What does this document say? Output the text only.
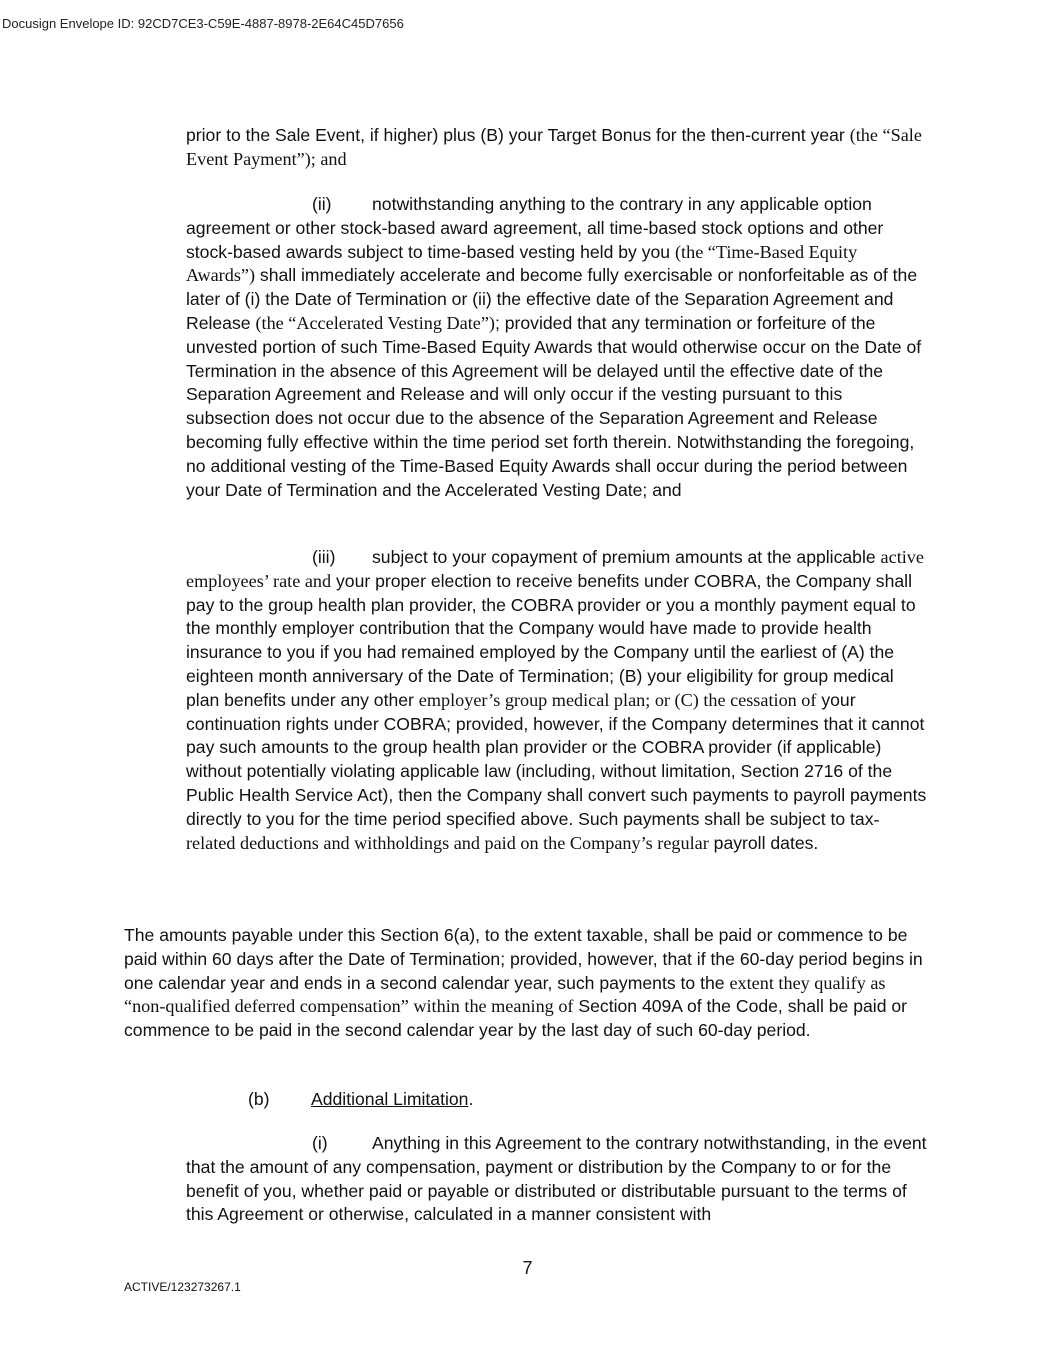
Docusign Envelope ID: 92CD7CE3-C59E-4887-8978-2E64C45D7656

prior to the Sale Event, if higher) plus (B) your Target Bonus for the then-current year (the “Sale Event Payment”); and

(ii) notwithstanding anything to the contrary in any applicable option agreement or other stock-based award agreement, all time-based stock options and other stock-based awards subject to time-based vesting held by you (the “Time-Based Equity Awards”) shall immediately accelerate and become fully exercisable or nonforfeitable as of the later of (i) the Date of Termination or (ii) the effective date of the Separation Agreement and Release (the “Accelerated Vesting Date”); provided that any termination or forfeiture of the unvested portion of such Time-Based Equity Awards that would otherwise occur on the Date of Termination in the absence of this Agreement will be delayed until the effective date of the Separation Agreement and Release and will only occur if the vesting pursuant to this subsection does not occur due to the absence of the Separation Agreement and Release becoming fully effective within the time period set forth therein. Notwithstanding the foregoing, no additional vesting of the Time-Based Equity Awards shall occur during the period between your Date of Termination and the Accelerated Vesting Date; and

(iii) subject to your copayment of premium amounts at the applicable active employees’ rate and your proper election to receive benefits under COBRA, the Company shall pay to the group health plan provider, the COBRA provider or you a monthly payment equal to the monthly employer contribution that the Company would have made to provide health insurance to you if you had remained employed by the Company until the earliest of (A) the eighteen month anniversary of the Date of Termination; (B) your eligibility for group medical plan benefits under any other employer’s group medical plan; or (C) the cessation of your continuation rights under COBRA; provided, however, if the Company determines that it cannot pay such amounts to the group health plan provider or the COBRA provider (if applicable) without potentially violating applicable law (including, without limitation, Section 2716 of the Public Health Service Act), then the Company shall convert such payments to payroll payments directly to you for the time period specified above. Such payments shall be subject to tax-related deductions and withholdings and paid on the Company’s regular payroll dates.

The amounts payable under this Section 6(a), to the extent taxable, shall be paid or commence to be paid within 60 days after the Date of Termination; provided, however, that if the 60-day period begins in one calendar year and ends in a second calendar year, such payments to the extent they qualify as “non-qualified deferred compensation” within the meaning of Section 409A of the Code, shall be paid or commence to be paid in the second calendar year by the last day of such 60-day period.

(b) Additional Limitation.

(i)	Anything in this Agreement to the contrary notwithstanding, in the event that the amount of any compensation, payment or distribution by the Company to or for the benefit of you, whether paid or payable or distributed or distributable pursuant to the terms of this Agreement or otherwise, calculated in a manner consistent with

7
ACTIVE/123273267.1
